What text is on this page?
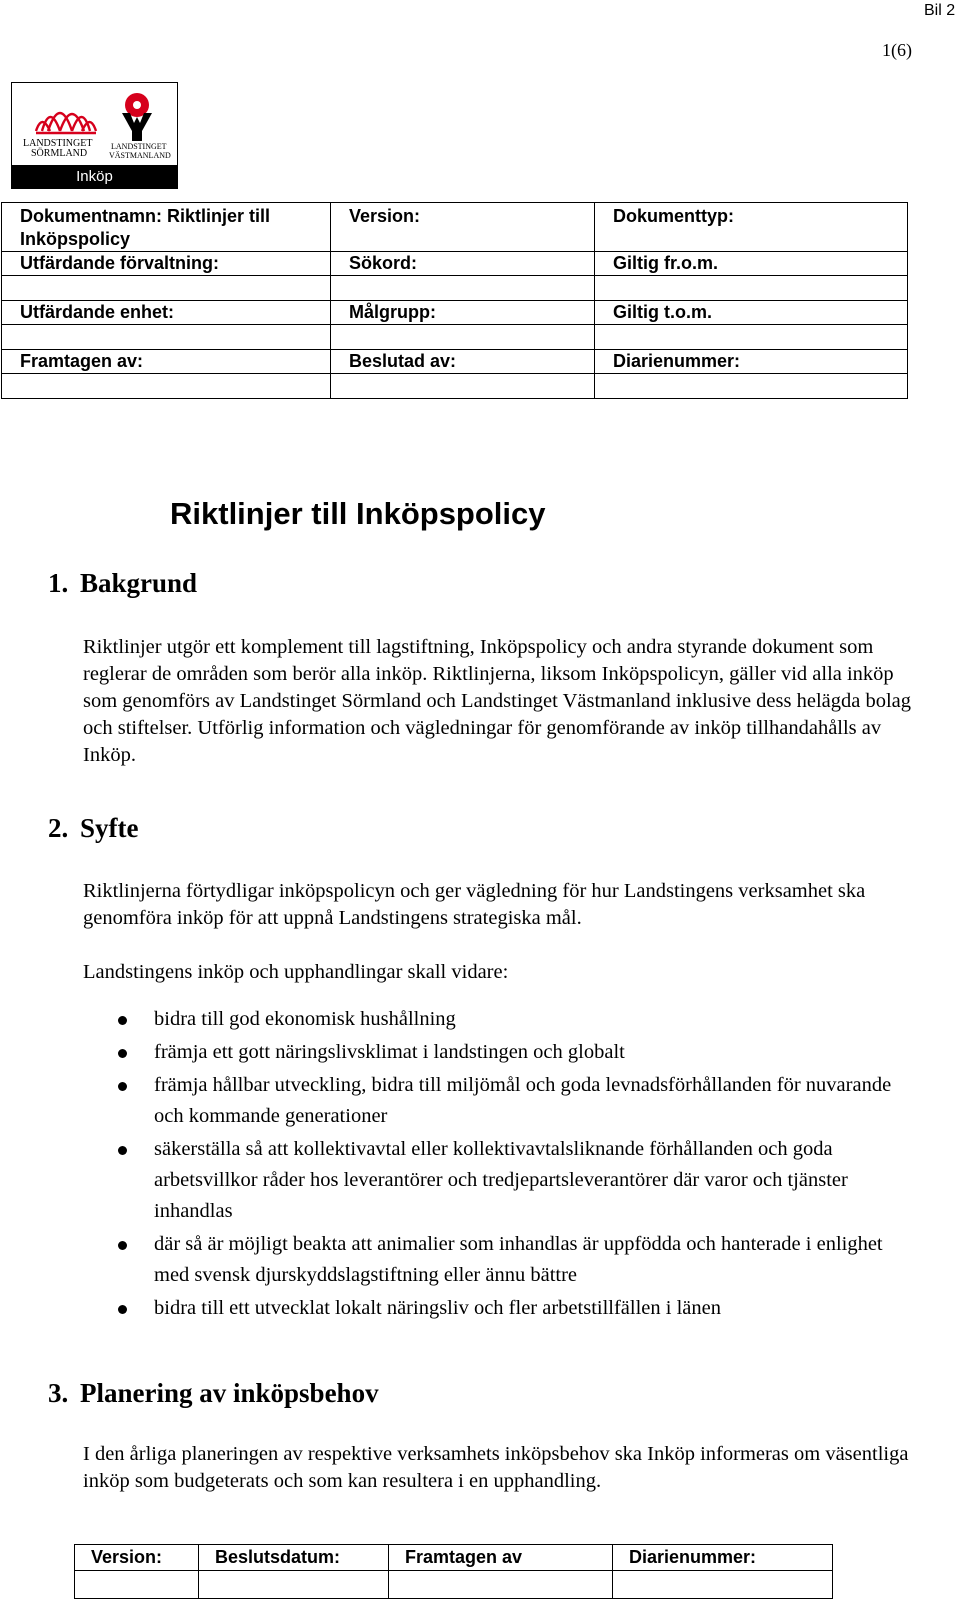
Bil 2
1(6)
LANDSTINGET
SÖRMLAND
LANDSTINGET
VÄSTMANLAND
Inköp
Dokumentnamn: Riktlinjer till Inköpspolicy	Version:	Dokumenttyp:
Utfärdande förvaltning:	Sökord:	Giltig fr.o.m.

Utfärdande enhet:	Målgrupp:	Giltig t.o.m.

Framtagen av:	Beslutad av:	Diarienummer:

Riktlinjer till Inköpspolicy
1. Bakgrund
Riktlinjer utgör ett komplement till lagstiftning, Inköpspolicy och andra styrande dokument som reglerar de områden som berör alla inköp. Riktlinjerna, liksom Inköpspolicyn, gäller vid alla inköp som genomförs av Landstinget Sörmland och Landstinget Västmanland inklusive dess helägda bolag och stiftelser. Utförlig information och vägledningar för genomförande av inköp tillhandahålls av Inköp.
2. Syfte
Riktlinjerna förtydligar inköpspolicyn och ger vägledning för hur Landstingens verksamhet ska genomföra inköp för att uppnå Landstingens strategiska mål.
Landstingens inköp och upphandlingar skall vidare:
bidra till god ekonomisk hushållning
främja ett gott näringslivsklimat i landstingen och globalt
främja hållbar utveckling, bidra till miljömål och goda levnadsförhållanden för nuvarande och kommande generationer
säkerställa så att kollektivavtal eller kollektivavtalsliknande förhållanden och goda arbetsvillkor råder hos leverantörer och tredjepartsleverantörer där varor och tjänster inhandlas
där så är möjligt beakta att animalier som inhandlas är uppfödda och hanterade i enlighet med svensk djurskyddslagstiftning eller ännu bättre
bidra till ett utvecklat lokalt näringsliv och fler arbetstillfällen i länen
3. Planering av inköpsbehov
I den årliga planeringen av respektive verksamhets inköpsbehov ska Inköp informeras om väsentliga inköp som budgeterats och som kan resultera i en upphandling.
Version:	Beslutsdatum:	Framtagen av	Diarienummer:
